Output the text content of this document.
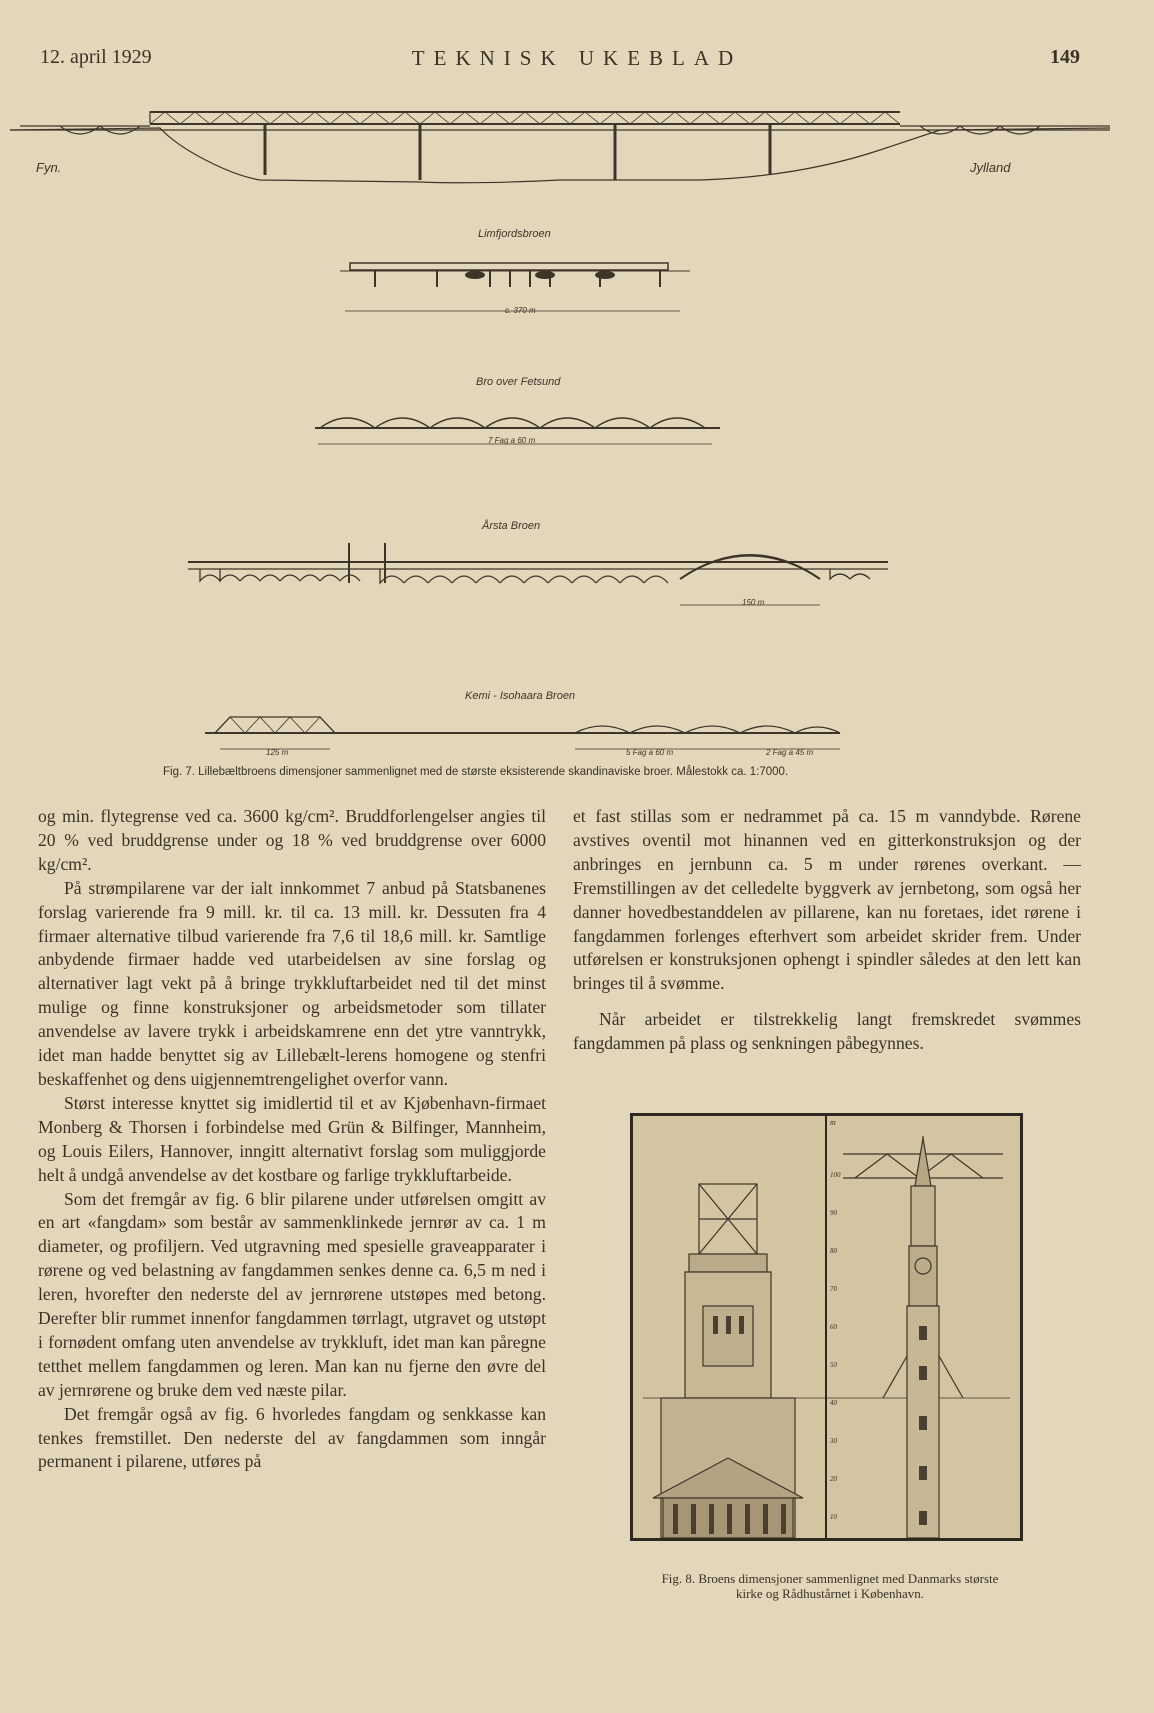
12. april 1929	TEKNISK UKEBLAD	149
Fyn.	Jylland
Limfjordsbroen
c. 370 m
Bro over Fetsund
7 Fag a 60 m
Årsta Broen
150 m
Kemi - Isohaara Broen
125 m	5 Fag a 60 m	2 Fag a 45 m
Fig. 7. Lillebæltbroens dimensjoner sammenlignet med de største eksisterende skandinaviske broer. Målestokk ca. 1:7000.

og min. flytegrense ved ca. 3600 kg/cm². Bruddforlengelser angies til 20 % ved bruddgrense under og 18 % ved bruddgrense over 6000 kg/cm².

På strømpilarene var der ialt innkommet 7 anbud på Statsbanenes forslag varierende fra 9 mill. kr. til ca. 13 mill. kr. Dessuten fra 4 firmaer alternative tilbud varierende fra 7,6 til 18,6 mill. kr. Samtlige anbydende firmaer hadde ved utarbeidelsen av sine forslag og alternativer lagt vekt på å bringe trykkluftarbeidet ned til det minst mulige og finne konstruksjoner og arbeidsmetoder som tillater anvendelse av lavere trykk i arbeidskamrene enn det ytre vanntrykk, idet man hadde benyttet sig av Lillebælt-lerens homogene og stenfri beskaffenhet og dens uigjennemtrengelighet overfor vann.

Størst interesse knyttet sig imidlertid til et av Kjøbenhavn-firmaet Monberg & Thorsen i forbindelse med Grün & Bilfinger, Mannheim, og Louis Eilers, Hannover, inngitt alternativt forslag som muliggjorde helt å undgå anvendelse av det kostbare og farlige trykkluftarbeide.

Som det fremgår av fig. 6 blir pilarene under utførelsen omgitt av en art «fangdam» som består av sammenklinkede jernrør av ca. 1 m diameter, og profiljern. Ved utgravning med spesielle graveapparater i rørene og ved belastning av fangdammen senkes denne ca. 6,5 m ned i leren, hvorefter den nederste del av jernrørene utstøpes med betong. Derefter blir rummet innenfor fangdammen tørrlagt, utgravet og utstøpt i fornødent omfang uten anvendelse av trykkluft, idet man kan påregne tetthet mellem fangdammen og leren. Man kan nu fjerne den øvre del av jernrørene og bruke dem ved næste pilar.

Det fremgår også av fig. 6 hvorledes fangdam og senkkasse kan tenkes fremstillet. Den nederste del av fangdammen som inngår permanent i pilarene, utføres på

et fast stillas som er nedrammet på ca. 15 m vanndybde. Rørene avstives oventil mot hinannen ved en gitterkonstruksjon og der anbringes en jernbunn ca. 5 m under rørenes overkant. — Fremstillingen av det celledelte byggverk av jernbetong, som også her danner hovedbestanddelen av pillarene, kan nu foretaes, idet rørene i fangdammen forlenges efterhvert som arbeidet skrider frem. Under utførelsen er konstruksjonen ophengt i spindler således at den lett kan bringes til å svømme.

Når arbeidet er tilstrekkelig langt fremskredet svømmes fangdammen på plass og senkningen påbegynnes.

m
100
90
80
70
60
50
40
30
20
10
Fig. 8. Broens dimensjoner sammenlignet med Danmarks største
kirke og Rådhustårnet i København.
